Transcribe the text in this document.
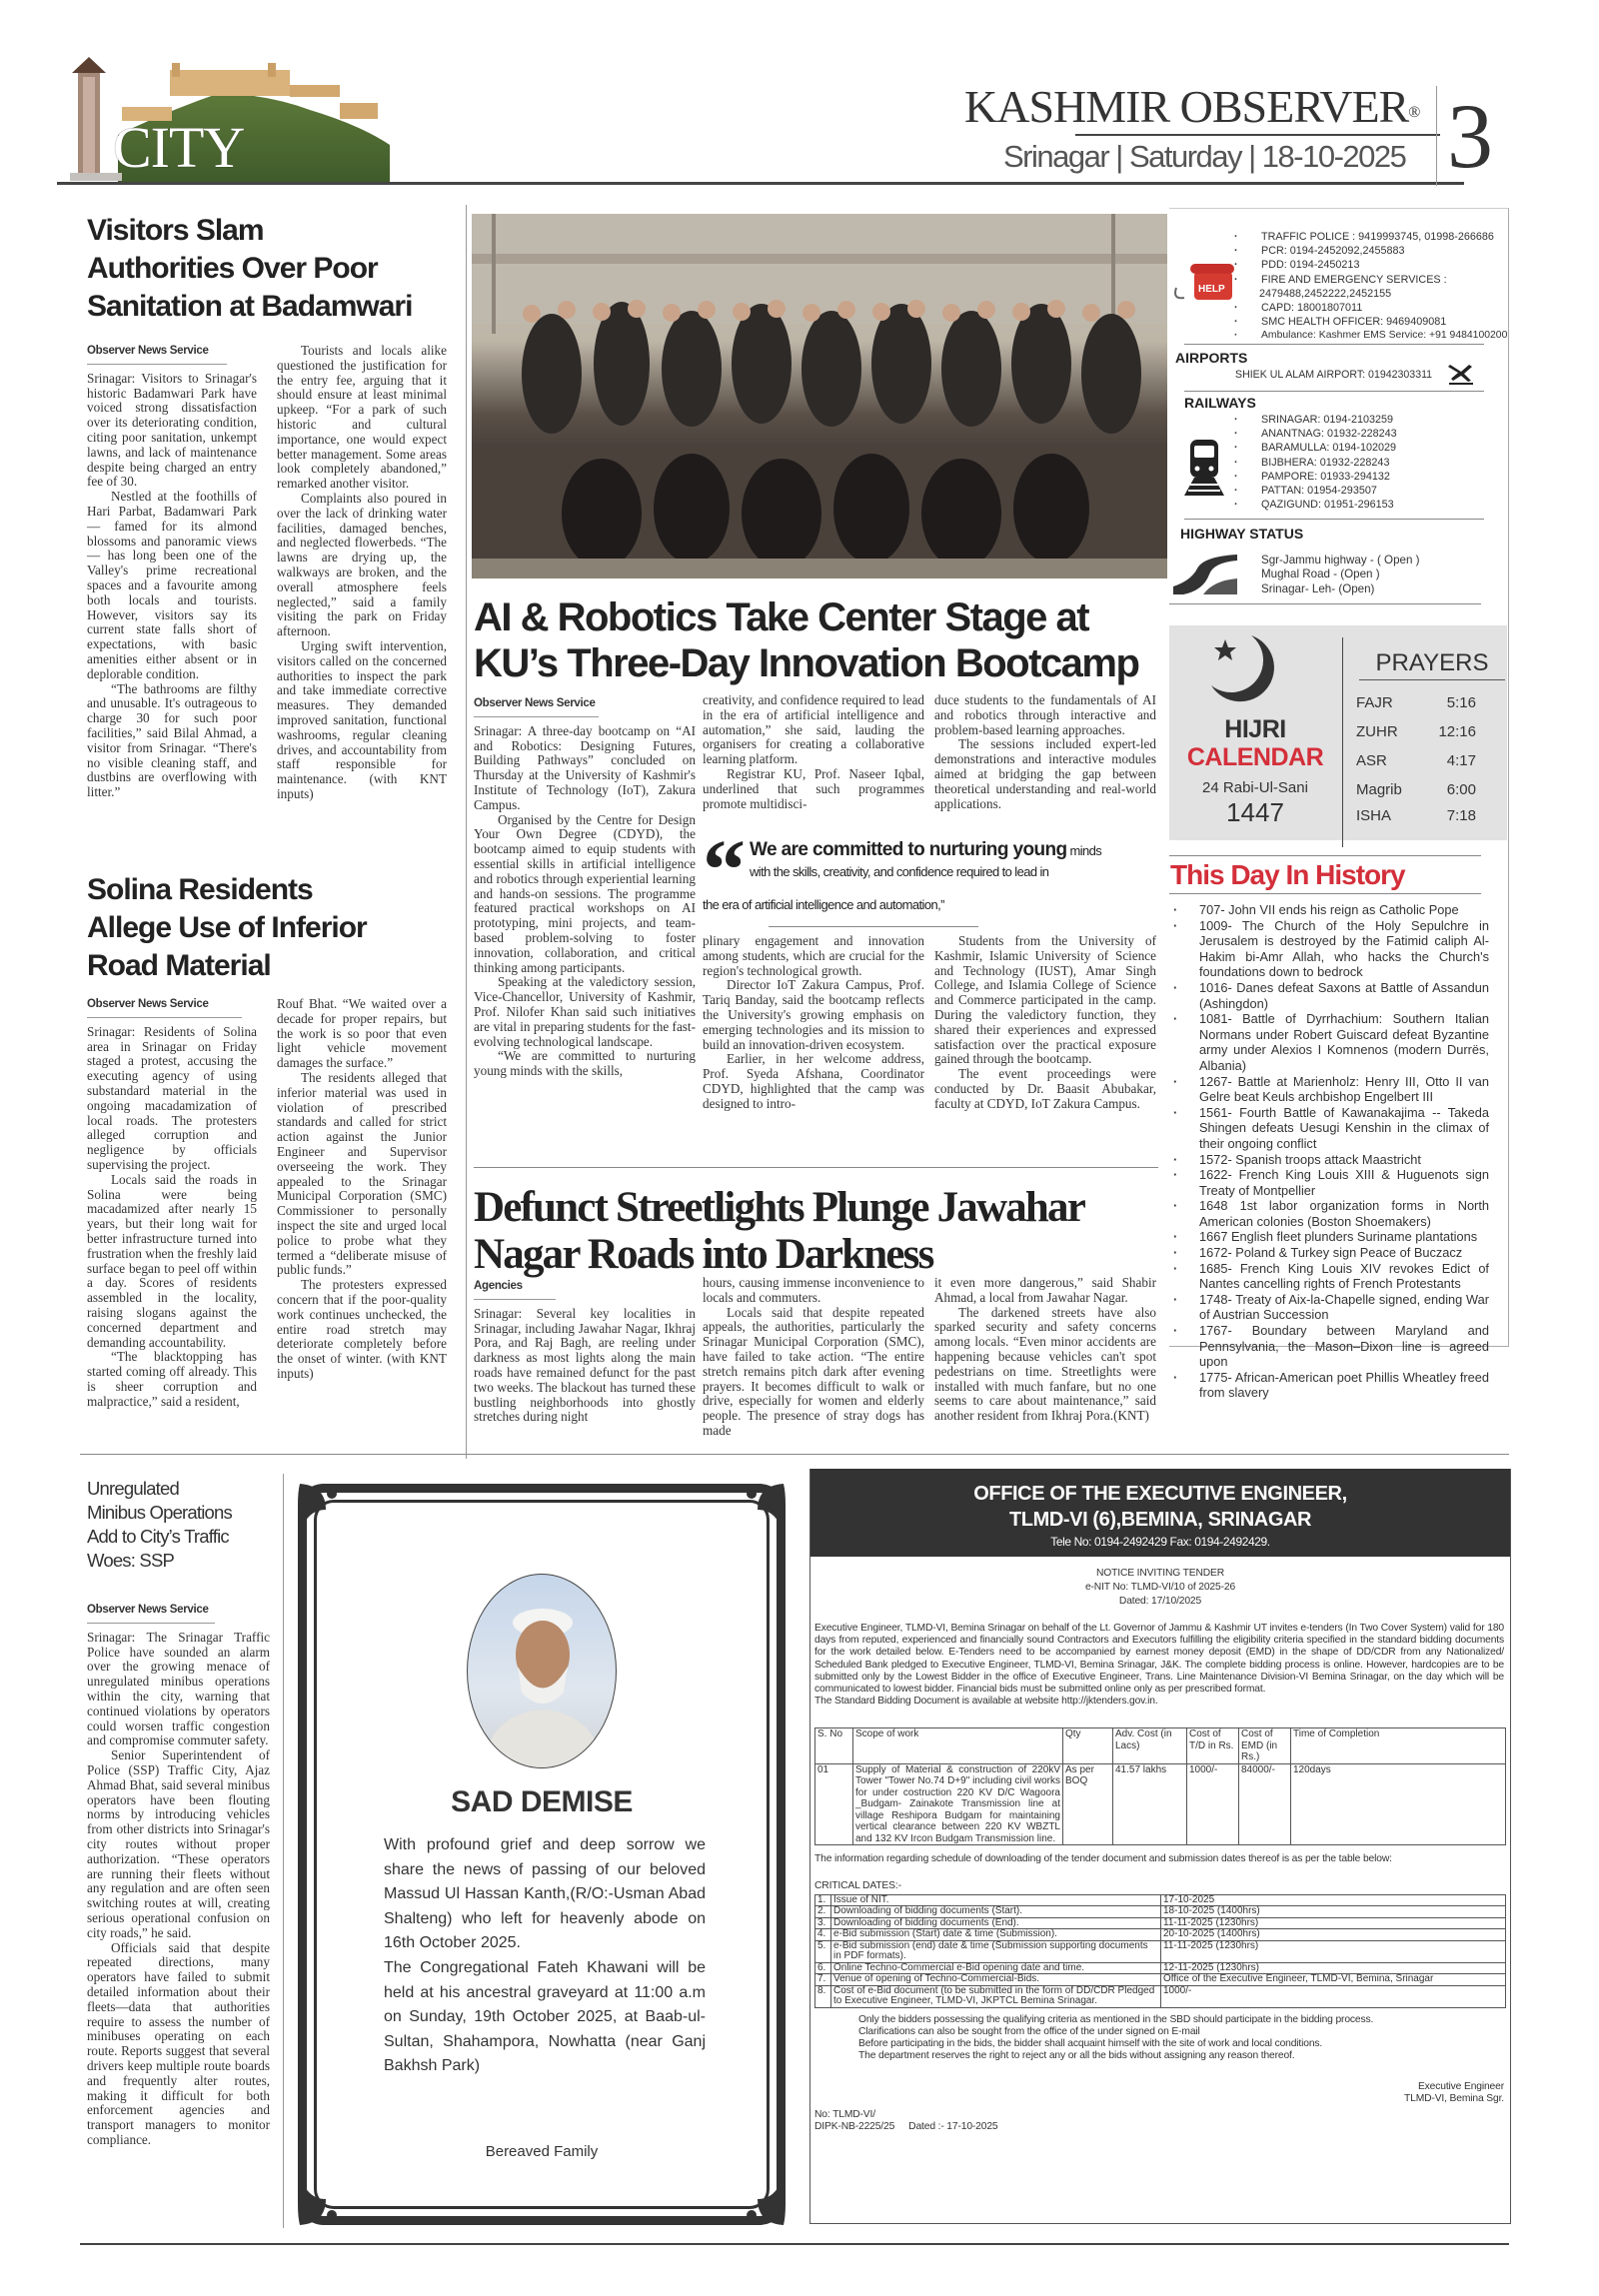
CITY
KASHMIR OBSERVER®
Srinagar | Saturday | 18-10-2025 3
Visitors Slam
Authorities Over Poor
Sanitation at Badamwari
Observer News Service

Srinagar: Visitors to Srinagar's historic Badamwari Park have voiced strong dissatisfaction over its deteriorating condition, citing poor sanitation, unkempt lawns, and lack of maintenance despite being charged an entry fee of 30.

Nestled at the foothills of Hari Parbat, Badamwari Park — famed for its almond blossoms and panoramic views — has long been one of the Valley's prime recreational spaces and a favourite among both locals and tourists. However, visitors say its current state falls short of expectations, with basic amenities either absent or in deplorable condition.

“The bathrooms are filthy and unusable. It's outrageous to charge 30 for such poor facilities,” said Bilal Ahmad, a visitor from Srinagar. “There's no visible cleaning staff, and dustbins are overflowing with litter.”

Tourists and locals alike questioned the justification for the entry fee, arguing that it should ensure at least minimal upkeep. “For a park of such historic and cultural importance, one would expect better management. Some areas look completely abandoned,” remarked another visitor.

Complaints also poured in over the lack of drinking water facilities, damaged benches, and neglected flowerbeds. “The lawns are drying up, the walkways are broken, and the overall atmosphere feels neglected,” said a family visiting the park on Friday afternoon.

Urging swift intervention, visitors called on the concerned authorities to inspect the park and take immediate corrective measures. They demanded improved sanitation, functional washrooms, regular cleaning drives, and accountability from staff responsible for maintenance. (with KNT inputs)

Solina Residents
Allege Use of Inferior
Road Material
Observer News Service

Srinagar: Residents of Solina area in Srinagar on Friday staged a protest, accusing the executing agency of using substandard material in the ongoing macadamization of local roads. The protesters alleged corruption and negligence by officials supervising the project.

Locals said the roads in Solina were being macadamized after nearly 15 years, but their long wait for better infrastructure turned into frustration when the freshly laid surface began to peel off within a day. Scores of residents assembled in the locality, raising slogans against the concerned department and demanding accountability.

“The blacktopping has started coming off already. This is sheer corruption and malpractice,” said a resident,

Rouf Bhat. “We waited over a decade for proper repairs, but the work is so poor that even light vehicle movement damages the surface.”

The residents alleged that inferior material was used in violation of prescribed standards and called for strict action against the Junior Engineer and Supervisor overseeing the work. They appealed to the Srinagar Municipal Corporation (SMC) Commissioner to personally inspect the site and urged local police to probe what they termed a “deliberate misuse of public funds.”

The protesters expressed concern that if the poor-quality work continues unchecked, the entire road stretch may deteriorate completely before the onset of winter. (with KNT inputs)

AI & Robotics Take Center Stage at
KU’s Three-Day Innovation Bootcamp
Observer News Service

Srinagar: A three-day bootcamp on “AI and Robotics: Designing Futures, Building Pathways” concluded on Thursday at the University of Kashmir's Institute of Technology (IoT), Zakura Campus.

Organised by the Centre for Design Your Own Degree (CDYD), the bootcamp aimed to equip students with essential skills in artificial intelligence and robotics through experiential learning and hands-on sessions. The programme featured practical workshops on AI prototyping, mini projects, and team-based problem-solving to foster innovation, collaboration, and critical thinking among participants.

Speaking at the valedictory session, Vice-Chancellor, University of Kashmir, Prof. Nilofer Khan said such initiatives are vital in preparing students for the fast-evolving technological landscape.

“We are committed to nurturing young minds with the skills,

creativity, and confidence required to lead in the era of artificial intelligence and automation,” she said, lauding the organisers for creating a collaborative learning platform.

Registrar KU, Prof. Naseer Iqbal, underlined that such programmes promote multidisci-

duce students to the fundamentals of AI and robotics through interactive and problem-based learning approaches.

The sessions included expert-led demonstrations and interactive modules aimed at bridging the gap between theoretical understanding and real-world applications.

“ We are committed to nurturing young minds
with the skills, creativity, and confidence required to lead in
the era of artificial intelligence and automation,”

plinary engagement and innovation among students, which are crucial for the region's technological growth.

Director IoT Zakura Campus, Prof. Tariq Banday, said the bootcamp reflects the University's growing emphasis on emerging technologies and its mission to build an innovation-driven ecosystem.

Earlier, in her welcome address, Prof. Syeda Afshana, Coordinator CDYD, highlighted that the camp was designed to intro-

Students from the University of Kashmir, Islamic University of Science and Technology (IUST), Amar Singh College, and Islamia College of Science and Commerce participated in the camp. During the valedictory function, they shared their experiences and expressed satisfaction over the practical exposure gained through the bootcamp.

The event proceedings were conducted by Dr. Baasit Abubakar, faculty at CDYD, IoT Zakura Campus.

Defunct Streetlights Plunge Jawahar
Nagar Roads into Darkness
Agencies

Srinagar: Several key localities in Srinagar, including Jawahar Nagar, Ikhraj Pora, and Raj Bagh, are reeling under darkness as most lights along the main roads have remained defunct for the past two weeks. The blackout has turned these bustling neighborhoods into ghostly stretches during night

hours, causing immense inconvenience to locals and commuters.

Locals said that despite repeated appeals, the authorities, particularly the Srinagar Municipal Corporation (SMC), have failed to take action. “The entire stretch remains pitch dark after evening prayers. It becomes difficult to walk or drive, especially for women and elderly people. The presence of stray dogs has made

it even more dangerous,” said Shabir Ahmad, a local from Jawahar Nagar.

The darkened streets have also sparked security and safety concerns among locals. “Even minor accidents are happening because vehicles can't spot pedestrians on time. Streetlights were installed with much fanfare, but no one seems to care about maintenance,” said another resident from Ikhraj Pora.(KNT)

HELP
· TRAFFIC POLICE : 9419993745, 01998-266686
· PCR: 0194-2452092,2455883
· PDD: 0194-2450213
· FIRE AND EMERGENCY SERVICES :
2479488,2452222,2452155
· CAPD: 18001807011
· SMC HEALTH OFFICER: 9469409081
· Ambulance: Kashmer EMS Service: +91 9484100200
AIRPORTS
SHIEK UL ALAM AIRPORT: 01942303311
RAILWAYS
· SRINAGAR: 0194-2103259
· ANANTNAG: 01932-228243
· BARAMULLA: 0194-102029
· BIJBHERA: 01932-228243
· PAMPORE: 01933-294132
· PATTAN: 01954-293507
· QAZIGUND: 01951-296153
HIGHWAY STATUS
Sgr-Jammu highway - ( Open )
Mughal Road - (Open )
Srinagar- Leh- (Open)
HIJRI
CALENDAR
24 Rabi-Ul-Sani
1447
PRAYERS
FAJR	5:16
ZUHR	12:16
ASR	4:17
Magrib	6:00
ISHA	7:18
This Day In History
· 707- John VII ends his reign as Catholic Pope
· 1009- The Church of the Holy Sepulchre in Jerusalem is destroyed by the Fatimid caliph Al-Hakim bi-Amr Allah, who hacks the Church's foundations down to bedrock
· 1016- Danes defeat Saxons at Battle of Assandun (Ashingdon)
· 1081- Battle of Dyrrhachium: Southern Italian Normans under Robert Guiscard defeat Byzantine army under Alexios I Komnenos (modern Durrës, Albania)
· 1267- Battle at Marienholz: Henry III, Otto II van Gelre beat Keuls archbishop Engelbert III
· 1561- Fourth Battle of Kawanakajima -- Takeda Shingen defeats Uesugi Kenshin in the climax of their ongoing conflict
· 1572- Spanish troops attack Maastricht
· 1622- French King Louis XIII & Huguenots sign Treaty of Montpellier
· 1648 1st labor organization forms in North American colonies (Boston Shoemakers)
· 1667 English fleet plunders Suriname plantations
· 1672- Poland & Turkey sign Peace of Buczacz
· 1685- French King Louis XIV revokes Edict of Nantes cancelling rights of French Protestants
· 1748- Treaty of Aix-la-Chapelle signed, ending War of Austrian Succession
· 1767- Boundary between Maryland and Pennsylvania, the Mason–Dixon line is agreed upon
· 1775- African-American poet Phillis Wheatley freed from slavery
Unregulated
Minibus Operations
Add to City’s Traffic
Woes: SSP
Observer News Service

Srinagar: The Srinagar Traffic Police have sounded an alarm over the growing menace of unregulated minibus operations within the city, warning that continued violations by operators could worsen traffic congestion and compromise commuter safety.

Senior Superintendent of Police (SSP) Traffic City, Ajaz Ahmad Bhat, said several minibus operators have been flouting norms by introducing vehicles from other districts into Srinagar's city routes without proper authorization. “These operators are running their fleets without any regulation and are often seen switching routes at will, creating serious operational confusion on city roads,” he said.

Officials said that despite repeated directions, many operators have failed to submit detailed information about their fleets—data that authorities require to assess the number of minibuses operating on each route. Reports suggest that several drivers keep multiple route boards and frequently alter routes, making it difficult for both enforcement agencies and transport managers to monitor compliance.

SAD DEMISE
With profound grief and deep sorrow we share the news of passing of our beloved Massud Ul Hassan Kanth,(R/O:-Usman Abad Shalteng) who left for heavenly abode on 16th October 2025.
The Congregational Fateh Khawani will be held at his ancestral graveyard at 11:00 a.m on Sunday, 19th October 2025, at Baab-ul-Sultan, Shahampora, Nowhatta (near Ganj Bakhsh Park)
Bereaved Family
OFFICE OF THE EXECUTIVE ENGINEER,
TLMD-VI (6),BEMINA, SRINAGAR
Tele No: 0194-2492429 Fax: 0194-2492429.
NOTICE INVITING TENDER
e-NIT No: TLMD-VI/10 of 2025-26
Dated: 17/10/2025
Executive Engineer, TLMD-VI, Bemina Srinagar on behalf of the Lt. Governor of Jammu & Kashmir UT invites e-tenders (In Two Cover System) valid for 180 days from reputed, experienced and financially sound Contractors and Executors fulfilling the eligibility criteria specified in the standard bidding documents for the work detailed below. E-Tenders need to be accompanied by earnest money deposit (EMD) in the shape of DD/CDR from any Nationalized/ Scheduled Bank pledged to Executive Engineer, TLMD-VI, Bemina Srinagar, J&K. The complete bidding process is online. However, hardcopies are to be submitted only by the Lowest Bidder in the office of Executive Engineer, Trans. Line Maintenance Division-VI Bemina Srinagar, on the day which will be communicated to lowest bidder. Financial bids must be submitted online only as per prescribed format.
The Standard Bidding Document is available at website http://jktenders.gov.in.
S. No	Scope of work	Qty	Adv. Cost (in Lacs)	Cost of T/D in Rs.	Cost of EMD (in Rs.)	Time of Completion
01	Supply of Material & construction of 220kV Tower "Tower No.74 D+9" including civil works for under costruction 220 KV D/C Wagoora _Budgam- Zainakote Transmission line at village Reshipora Budgam for maintaining vertical clearance between 220 KV WBZTL and 132 KV Ircon Budgam Transmission line.	As per BOQ	41.57 lakhs	1000/-	84000/-	120days
The information regarding schedule of downloading of the tender document and submission dates thereof is as per the table below:
CRITICAL DATES:-
1.	Issue of NIT.	17-10-2025
2.	Downloading of bidding documents (Start).	18-10-2025 (1400hrs)
3.	Downloading of bidding documents (End).	11-11-2025 (1230hrs)
4.	e-Bid submission (Start) date & time (Submission).	20-10-2025 (1400hrs)
5.	e-Bid submission (end) date & time (Submission supporting documents in PDF formats).	11-11-2025 (1230hrs)
6.	Online Techno-Commercial e-Bid opening date and time.	12-11-2025 (1230hrs)
7.	Venue of opening of Techno-Commercial-Bids.	Office of the Executive Engineer, TLMD-VI, Bemina, Srinagar
8.	Cost of e-Bid document (to be submitted in the form of DD/CDR Pledged to Executive Engineer, TLMD-VI, JKPTCL Bemina Srinagar.	1000/-
Only the bidders possessing the qualifying criteria as mentioned in the SBD should participate in the bidding process.
Clarifications can also be sought from the office of the under signed on E-mail
Before participating in the bids, the bidder shall acquaint himself with the site of work and local conditions.
The department reserves the right to reject any or all the bids without assigning any reason thereof.
Executive Engineer
TLMD-VI, Bemina Sgr.
No: TLMD-VI/
DIPK-NB-2225/25 Dated :- 17-10-2025
